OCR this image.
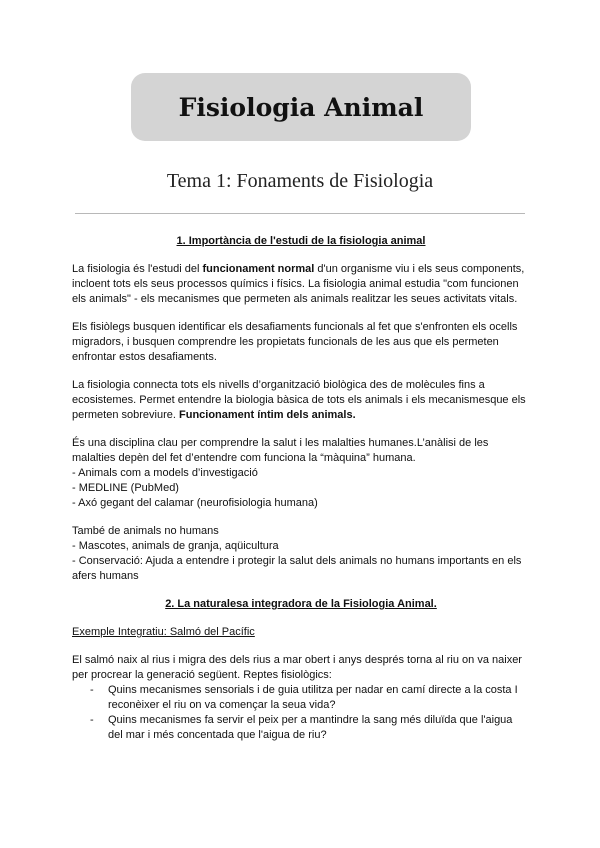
Fisiologia Animal

Tema 1: Fonaments de Fisiologia

1. Importància de l'estudi de la fisiologia animal

La fisiologia és l'estudi del funcionament normal d'un organisme viu i els seus components, incloent tots els seus processos químics i físics. La fisiologia animal estudia "com funcionen els animals" - els mecanismes que permeten als animals realitzar les seues activitats vitals.

Els fisiòlegs busquen identificar els desafiaments funcionals al fet que s'enfronten els ocells migradors, i busquen comprendre les propietats funcionals de les aus que els permeten enfrontar estos desafiaments.

La fisiologia connecta tots els nivells d’organització biològica des de molècules fins a ecosistemes. Permet entendre la biologia bàsica de tots els animals i els mecanismesque els permeten sobreviure. Funcionament íntim dels animals.

És una disciplina clau per comprendre la salut i les malalties humanes.L’anàlisi de les malalties depèn del fet d’entendre com funciona la “màquina” humana.

- Animals com a models d’investigació
- MEDLINE (PubMed)
- Axó gegant del calamar (neurofisiologia humana)

També de animals no humans

- Mascotes, animals de granja, aqüicultura
- Conservació: Ajuda a entendre i protegir la salut dels animals no humans importants en els afers humans

2. La naturalesa integradora de la Fisiologia Animal.

Exemple Integratiu: Salmó del Pacífic

El salmó naix al rius i migra des dels rius a mar obert i anys després torna al riu on va naixer per procrear la generació següent. Reptes fisiològics:

- Quins mecanismes sensorials i de guia utilitza per nadar en camí directe a la costa I reconèixer el riu on va començar la seua vida?
- Quins mecanismes fa servir el peix per a mantindre la sang més diluïda que l'aigua del mar i més concentada que l'aigua de riu?
